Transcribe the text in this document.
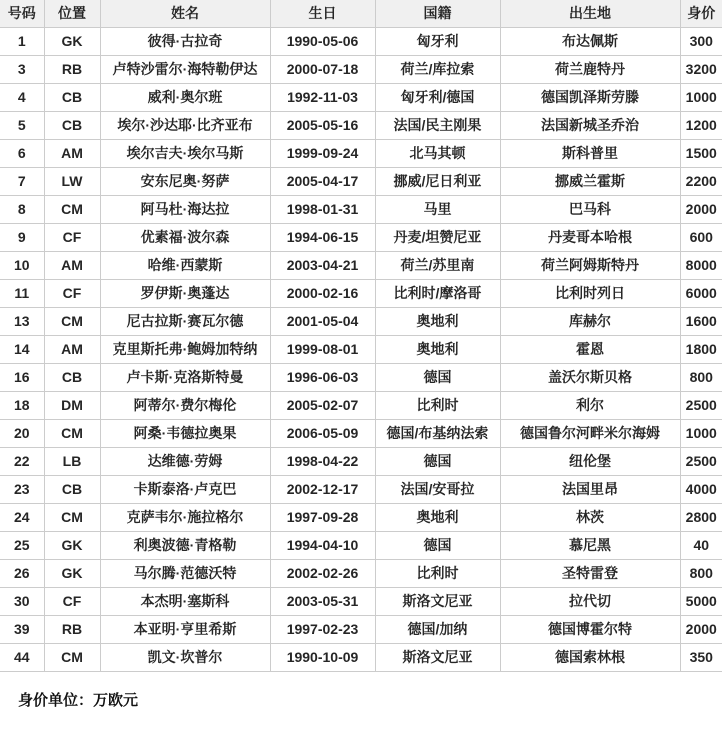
号码	位置	姓名	生日	国籍	出生地	身价
1	GK	彼得·古拉奇	1990-05-06	匈牙利	布达佩斯	300
3	RB	卢特沙雷尔·海特勒伊达	2000-07-18	荷兰/库拉索	荷兰鹿特丹	3200
4	CB	威利·奥尔班	1992-11-03	匈牙利/德国	德国凯泽斯劳滕	1000
5	CB	埃尔·沙达耶·比齐亚布	2005-05-16	法国/民主刚果	法国新城圣乔治	1200
6	AM	埃尔吉夫·埃尔马斯	1999-09-24	北马其顿	斯科普里	1500
7	LW	安东尼奥·努萨	2005-04-17	挪威/尼日利亚	挪威兰霍斯	2200
8	CM	阿马杜·海达拉	1998-01-31	马里	巴马科	2000
9	CF	优素福·波尔森	1994-06-15	丹麦/坦赞尼亚	丹麦哥本哈根	600
10	AM	哈维·西蒙斯	2003-04-21	荷兰/苏里南	荷兰阿姆斯特丹	8000
11	CF	罗伊斯·奥蓬达	2000-02-16	比利时/摩洛哥	比利时列日	6000
13	CM	尼古拉斯·赛瓦尔德	2001-05-04	奥地利	库赫尔	1600
14	AM	克里斯托弗·鲍姆加特纳	1999-08-01	奥地利	霍恩	1800
16	CB	卢卡斯·克洛斯特曼	1996-06-03	德国	盖沃尔斯贝格	800
18	DM	阿蒂尔·费尔梅伦	2005-02-07	比利时	利尔	2500
20	CM	阿桑·韦德拉奥果	2006-05-09	德国/布基纳法索	德国鲁尔河畔米尔海姆	1000
22	LB	达维德·劳姆	1998-04-22	德国	纽伦堡	2500
23	CB	卡斯泰洛·卢克巴	2002-12-17	法国/安哥拉	法国里昂	4000
24	CM	克萨韦尔·施拉格尔	1997-09-28	奥地利	林茨	2800
25	GK	利奥波德·青格勒	1994-04-10	德国	慕尼黑	40
26	GK	马尔腾·范德沃特	2002-02-26	比利时	圣特雷登	800
30	CF	本杰明·塞斯科	2003-05-31	斯洛文尼亚	拉代切	5000
39	RB	本亚明·亨里希斯	1997-02-23	德国/加纳	德国博霍尔特	2000
44	CM	凯文·坎普尔	1990-10-09	斯洛文尼亚	德国索林根	350
身价单位：万欧元
